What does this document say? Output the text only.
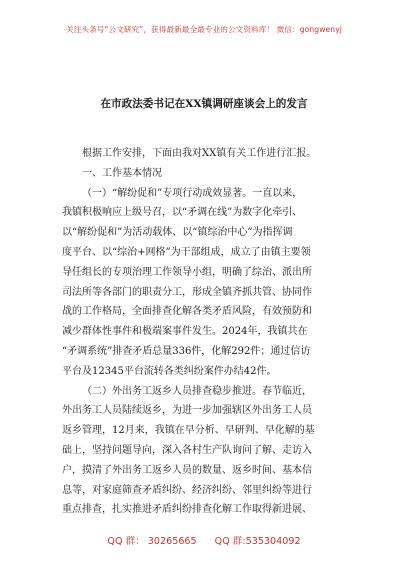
关注头条号“公文研究”，获得最新最全最专业的公文资料库！ 微信：gongwenyj
在市政法委书记在XX镇调研座谈会上的发言

根据工作安排，下面由我对XX镇有关工作进行汇报。

一、工作基本情况

（一）“解纷促和”专项行动成效显著。一直以来，

我镇积极响应上级号召，以“矛调在线”为数字化牵引、

以“解纷促和”为活动载体、以“镇综治中心”为指挥调

度平台、以“综治+网格”为干部组成，成立了由镇主要领

导任组长的专项治理工作领导小组，明确了综治、派出所

司法所等各部门的职责分工，形成全镇齐抓共管、协同作

战的工作格局，全面排查化解各类矛盾风险，有效预防和

减少群体性事件和极端案事件发生。2024年，我镇共在

“矛调系统”排查矛盾总量336件，化解292件；通过信访

平台及12345平台流转各类纠纷案件办结42件。

（二）外出务工返乡人员排查稳步推进。春节临近，

外出务工人员陆续返乡，为进一步加强辖区外出务工人员

返乡管理，12月来，我镇在早分析、早研判、早化解的基

础上，坚持问题导向，深入各村生产队询问了解、走访入

户，摸清了外出务工返乡人员的数量、返乡时间、基本信

息等，对家庭筛查矛盾纠纷、经济纠纷、邻里纠纷等进行

重点排查，扎实推进矛盾纠纷排查化解工作取得新进展、

QQ 群： 30265665 QQ 群:535304092
